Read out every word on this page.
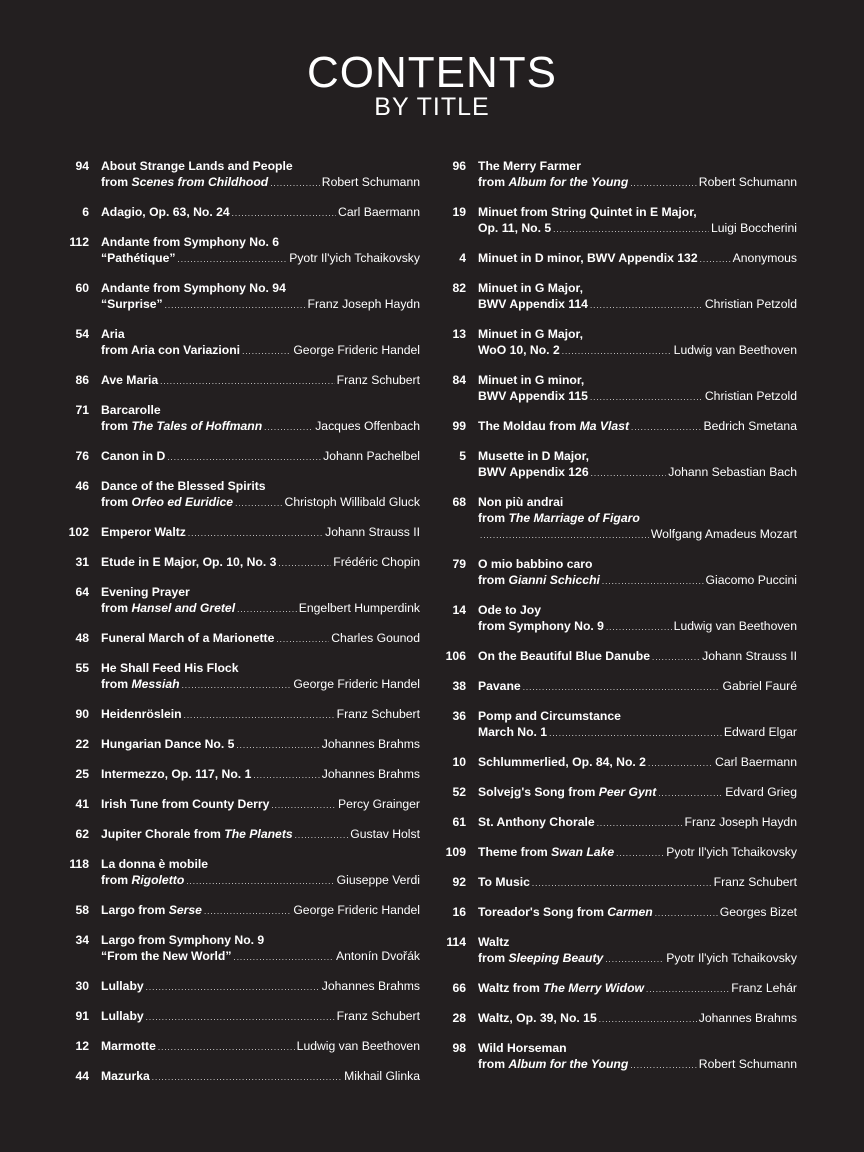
CONTENTS
BY TITLE
94 About Strange Lands and People
from Scenes from Childhood .....	Robert Schumann
6 Adagio, Op. 63, No. 24 .....	Carl Baermann
112 Andante from Symphony No. 6
“Pathétique” .....	Pyotr Il'yich Tchaikovsky
60 Andante from Symphony No. 94
“Surprise” .....	Franz Joseph Haydn
54 Aria
from Aria con Variazioni .....	George Frideric Handel
86 Ave Maria .....	Franz Schubert
71 Barcarolle
from The Tales of Hoffmann .....	Jacques Offenbach
76 Canon in D .....	Johann Pachelbel
46 Dance of the Blessed Spirits
from Orfeo ed Euridice .....	Christoph Willibald Gluck
102 Emperor Waltz .....	Johann Strauss II
31 Etude in E Major, Op. 10, No. 3 .....	Frédéric Chopin
64 Evening Prayer
from Hansel and Gretel .....	Engelbert Humperdink
48 Funeral March of a Marionette .....	Charles Gounod
55 He Shall Feed His Flock
from Messiah .....	George Frideric Handel
90 Heidenröslein .....	Franz Schubert
22 Hungarian Dance No. 5 .....	Johannes Brahms
25 Intermezzo, Op. 117, No. 1 .....	Johannes Brahms
41 Irish Tune from County Derry .....	Percy Grainger
62 Jupiter Chorale from The Planets .....	Gustav Holst
118 La donna è mobile
from Rigoletto .....	Giuseppe Verdi
58 Largo from Serse .....	George Frideric Handel
34 Largo from Symphony No. 9
“From the New World” .....	Antonín Dvořák
30 Lullaby .....	Johannes Brahms
91 Lullaby .....	Franz Schubert
12 Marmotte .....	Ludwig van Beethoven
44 Mazurka .....	Mikhail Glinka
96 The Merry Farmer
from Album for the Young .....	Robert Schumann
19 Minuet from String Quintet in E Major,
Op. 11, No. 5 .....	Luigi Boccherini
4 Minuet in D minor, BWV Appendix 132 .....	Anonymous
82 Minuet in G Major,
BWV Appendix 114 .....	Christian Petzold
13 Minuet in G Major,
WoO 10, No. 2 .....	Ludwig van Beethoven
84 Minuet in G minor,
BWV Appendix 115 .....	Christian Petzold
99 The Moldau from Ma Vlast .....	Bedrich Smetana
5 Musette in D Major,
BWV Appendix 126 .....	Johann Sebastian Bach
68 Non più andrai
from The Marriage of Figaro
.....
Wolfgang Amadeus Mozart
79 O mio babbino caro
from Gianni Schicchi .....	Giacomo Puccini
14 Ode to Joy
from Symphony No. 9 .....	Ludwig van Beethoven
106 On the Beautiful Blue Danube .....	Johann Strauss II
38 Pavane .....	Gabriel Fauré
36 Pomp and Circumstance
March No. 1 .....	Edward Elgar
10 Schlummerlied, Op. 84, No. 2 .....	Carl Baermann
52 Solvejg's Song from Peer Gynt .....	Edvard Grieg
61 St. Anthony Chorale .....	Franz Joseph Haydn
109 Theme from Swan Lake .....	Pyotr Il'yich Tchaikovsky
92 To Music .....	Franz Schubert
16 Toreador's Song from Carmen .....	Georges Bizet
114 Waltz
from Sleeping Beauty .....	Pyotr Il'yich Tchaikovsky
66 Waltz from The Merry Widow .....	Franz Lehár
28 Waltz, Op. 39, No. 15 .....	Johannes Brahms
98 Wild Horseman
from Album for the Young .....	Robert Schumann
